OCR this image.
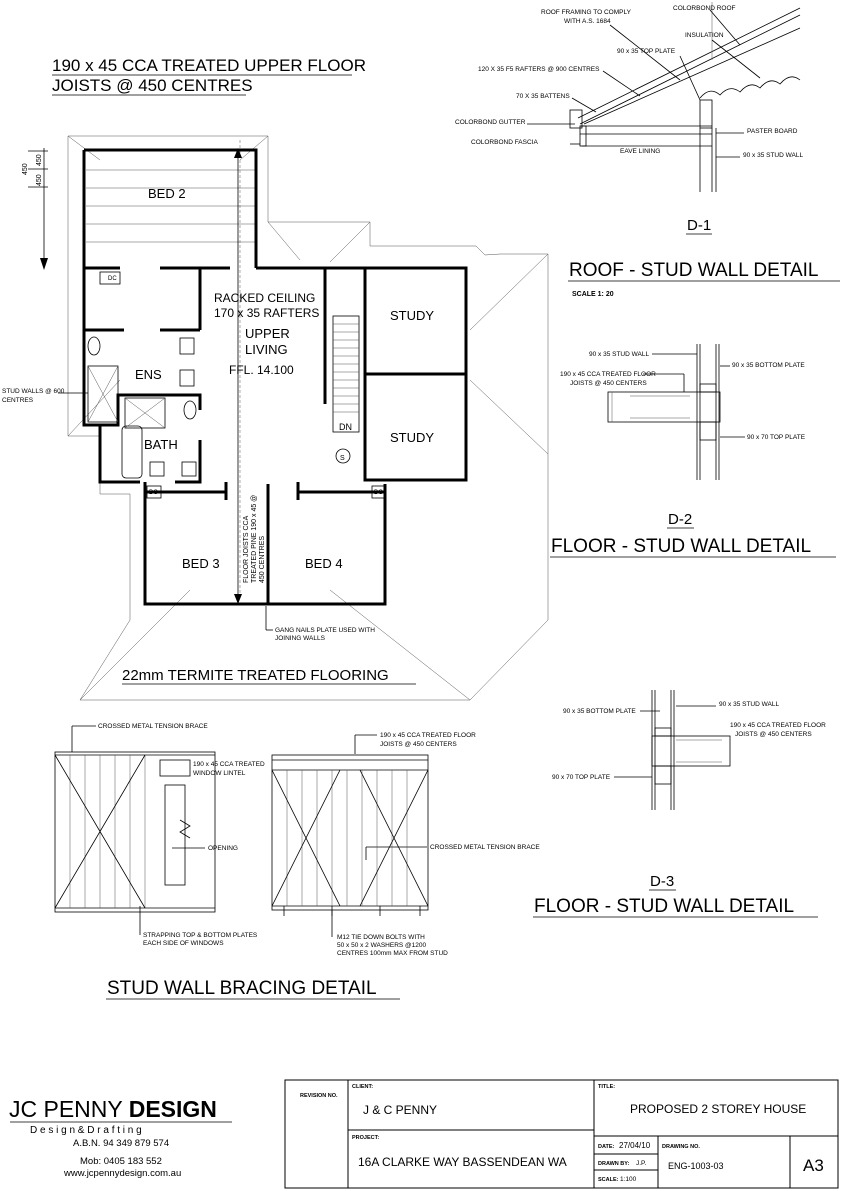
190 x 45 CCA TREATED UPPER FLOOR
JOISTS @ 450 CENTRES
450
450
450
BED 2
ENS
BATH
STUDY
STUDY
BED 3	BED 4
DN
S
DC
DC	DC
RACKED CEILING
170 x 35 RAFTERS
UPPER
LIVING
FFL. 14.100
STUD WALLS @ 600
CENTRES
FLOOR JOISTS CCA TREATED PINE 190 x 45 @ 450 CENTRES
GANG NAILS PLATE USED WITH
JOINING WALLS
22mm TERMITE TREATED FLOORING
ROOF FRAMING TO COMPLY
WITH A.S. 1684
COLORBOND ROOF
INSULATION
90 x 35 TOP PLATE
120 X 35 F5 RAFTERS @ 900 CENTRES
70 X 35 BATTENS
COLORBOND GUTTER
PASTER BOARD
COLORBOND FASCIA
EAVE LINING
90 x 35 STUD WALL
D-1
ROOF - STUD WALL DETAIL
SCALE 1: 20
90 x 35 STUD WALL
90 x 35 BOTTOM PLATE
190 x 45 CCA TREATED FLOOR
JOISTS @ 450 CENTERS
90 x 70 TOP PLATE
D-2
FLOOR - STUD WALL DETAIL
90 x 35 STUD WALL
90 x 35 BOTTOM PLATE
190 x 45 CCA TREATED FLOOR
JOISTS @ 450 CENTERS
90 x 70 TOP PLATE
D-3
FLOOR - STUD WALL DETAIL
CROSSED METAL TENSION BRACE
190 x 45 CCA TREATED
WINDOW LINTEL
OPENING
STRAPPING TOP & BOTTOM PLATES
EACH SIDE OF WINDOWS
190 x 45 CCA TREATED FLOOR
JOISTS @ 450 CENTERS
CROSSED METAL TENSION BRACE
M12 TIE DOWN BOLTS WITH
50 x 50 x 2 WASHERS @1200
CENTRES 100mm MAX FROM STUD
STUD WALL BRACING DETAIL
JC PENNY DESIGN
D e s i g n & D r a f t i n g
A.B.N. 94 349 879 574
Mob: 0405 183 552
www.jcpennydesign.com.au
REVISION NO.
CLIENT:
J & C PENNY
PROJECT:
16A CLARKE WAY BASSENDEAN WA
TITLE:
PROPOSED 2 STOREY HOUSE
DATE: 27/04/10
DRAWN BY: J.P.
SCALE: 1:100
DRAWING NO.
ENG-1003-03	A3
